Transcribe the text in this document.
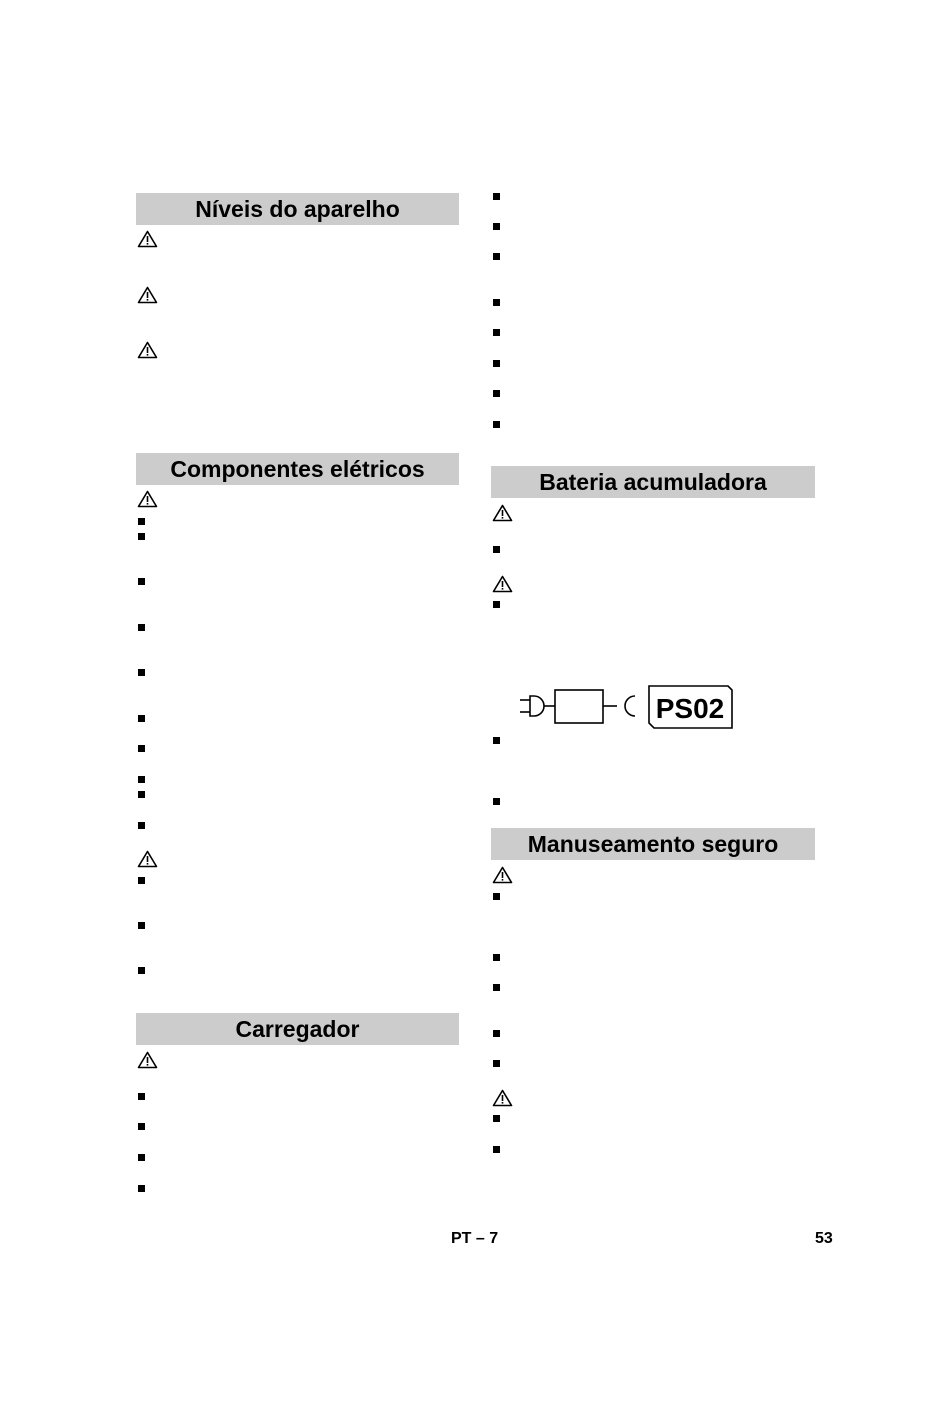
Níveis do aparelho
Componentes elétricos
Carregador
Bateria acumuladora
Manuseamento seguro
PS02
PT – 7	53
